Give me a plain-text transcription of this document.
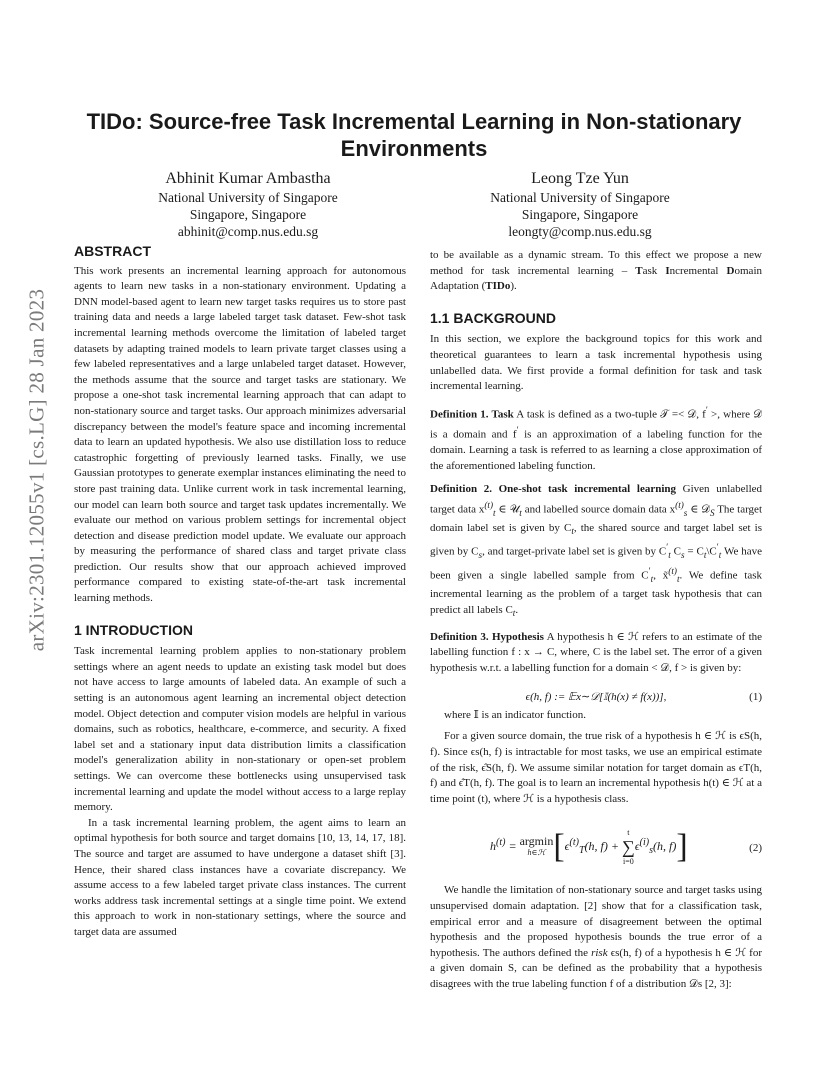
arXiv:2301.12055v1 [cs.LG] 28 Jan 2023
TIDo: Source-free Task Incremental Learning in Non-stationary Environments
Abhinit Kumar Ambastha
National University of Singapore
Singapore, Singapore
abhinit@comp.nus.edu.sg
Leong Tze Yun
National University of Singapore
Singapore, Singapore
leongty@comp.nus.edu.sg
ABSTRACT

This work presents an incremental learning approach for autonomous agents to learn new tasks in a non-stationary environment. Updating a DNN model-based agent to learn new target tasks requires us to store past training data and needs a large labeled target task dataset. Few-shot task incremental learning methods overcome the limitation of labeled target datasets by adapting trained models to learn private target classes using a few labeled representatives and a large unlabeled target dataset. However, the methods assume that the source and target tasks are stationary. We propose a one-shot task incremental learning approach that can adapt to non-stationary source and target tasks. Our approach minimizes adversarial discrepancy between the model's feature space and incoming incremental data to learn an updated hypothesis. We also use distillation loss to reduce catastrophic forgetting of previously learned tasks. Finally, we use Gaussian prototypes to generate exemplar instances eliminating the need to store past training data. Unlike current work in task incremental learning, our model can learn both source and target task updates incrementally. We evaluate our method on various problem settings for incremental object detection and disease prediction model update. We evaluate our approach by measuring the performance of shared class and target private class prediction. Our results show that our approach achieved improved performance compared to existing state-of-the-art task incremental learning methods.

1 INTRODUCTION

Task incremental learning problem applies to non-stationary problem settings where an agent needs to update an existing task model but does not have access to large amounts of labeled data. An example of such a setting is an autonomous agent learning an incremental object detection model. Object detection and computer vision models are helpful in various domains, such as robotics, healthcare, e-commerce, and security. A fixed label set and a stationary input data distribution limits a classification model's generalization ability in non-stationary or open-set problem settings. We can overcome these bottlenecks using unsupervised task incremental learning and update the model without access to a large replay memory.

In a task incremental learning problem, the agent aims to learn an optimal hypothesis for both source and target domains [10, 13, 14, 17, 18]. The source and target are assumed to have undergone a dataset shift [3]. Hence, their shared class instances have a covariate discrepancy. We assume access to a few labeled target private class instances. The current works address task incremental settings at a single time point. We extend this approach to work in non-stationary settings, where the source and target data are assumed

to be available as a dynamic stream. To this effect we propose a new method for task incremental learning – Task Incremental Domain Adaptation (TIDo).

1.1 BACKGROUND

In this section, we explore the background topics for this work and theoretical guarantees to learn a task incremental hypothesis using unlabelled data. We first provide a formal definition for task and task incremental learning.

Definition 1. Task A task is defined as a two-tuple 𝒯 =< 𝒟, f′ >, where 𝒟 is a domain and f′ is an approximation of a labeling function for the domain. Learning a task is referred to as learning a close approximation of the aforementioned labeling function.

Definition 2. One-shot task incremental learning Given unlabelled target data $x^{(t)}_t$ ∈ 𝒰$_t$ and labelled source domain data $x^{(t)}_s$ ∈ 𝒟$_S$ The target domain label set is given by $C_t$, the shared source and target label set is given by $C_s$, and target-private label set is given by $C'_t$ $C_s$ = $C_t\backslash C'_t$ We have been given a single labelled sample from $C'_t$, x̃$^{(t)}_t$. We define task incremental learning as the problem of a target task hypothesis that can predict all labels $C_t$.

Definition 3. Hypothesis A hypothesis h ∈ ℋ refers to an estimate of the labelling function f : x → C, where, C is the label set. The error of a given hypothesis w.r.t. a labelling function for a domain < 𝒟, f > is given by:

ϵ(h, f) := 𝔼x∼𝒟[𝕀(h(x) ≠ f(x))],	(1)

where 𝕀 is an indicator function.

For a given source domain, the true risk of a hypothesis h ∈ ℋ is ϵS(h, f). Since ϵs(h, f) is intractable for most tasks, we use an empirical estimate of the risk, ϵ̂S(h, f). We assume similar notation for target domain as ϵT(h, f) and ϵ̂T(h, f). The goal is to learn an incremental hypothesis h(t) ∈ ℋ at a time point (t), where ℋ is a hypothesis class.

$h^{(t)} = argmin$
h∈ℋ [$\epsilon^{(t)}_T(h$, f) +
t
∑
i=0
$\epsilon^{(i)}_s(h$, f)]	(2)

We handle the limitation of non-stationary source and target tasks using unsupervised domain adaptation. [2] show that for a classification task, empirical error and a measure of disagreement between the optimal hypothesis and the proposed hypothesis bounds the true error of a hypothesis. The authors defined the risk ϵs(h, f) of a hypothesis h ∈ ℋ for a given domain S, can be defined as the probability that a hypothesis disagrees with the true labeling function f of a distribution 𝒟s [2, 3]:
